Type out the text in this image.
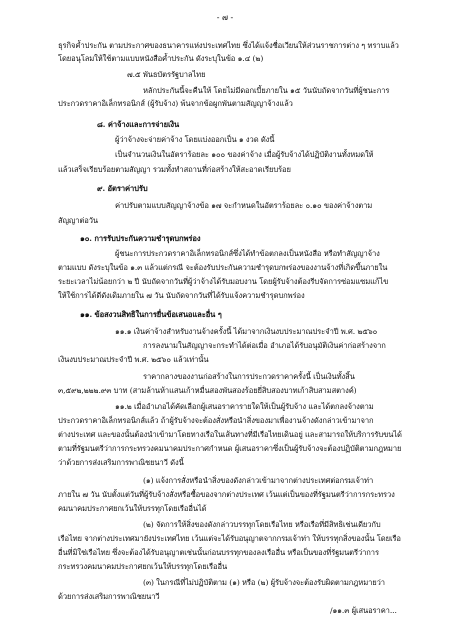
- ๗ -
ธุรกิจค้ำประกัน ตามประกาศของธนาคารแห่งประเทศไทย ซึ่งได้แจ้งชื่อเวียนให้ส่วนราชการต่าง ๆ ทราบแล้ว
โดยอนุโลมให้ใช้ตามแบบหนังสือค้ำประกัน ดังระบุในข้อ ๑.๔ (๒)
๗.๕ พันธบัตรรัฐบาลไทย
หลักประกันนี้จะคืนให้ โดยไม่มีดอกเบี้ยภายใน ๑๕ วันนับถัดจากวันที่ผู้ชนะการ
ประกวดราคาอิเล็กทรอนิกส์ (ผู้รับจ้าง) พ้นจากข้อผูกพันตามสัญญาจ้างแล้ว
๘. ค่าจ้างและการจ่ายเงิน
ผู้ว่าจ้างจะจ่ายค่าจ้าง โดยแบ่งออกเป็น ๑ งวด ดังนี้
เป็นจำนวนเงินในอัตราร้อยละ ๑๐๐ ของค่าจ้าง เมื่อผู้รับจ้างได้ปฏิบัติงานทั้งหมดให้
แล้วเสร็จเรียบร้อยตามสัญญา รวมทั้งทำสถานที่ก่อสร้างให้สะอาดเรียบร้อย
๙. อัตราค่าปรับ
ค่าปรับตามแบบสัญญาจ้างข้อ ๑๗ จะกำหนดในอัตราร้อยละ ๐.๑๐ ของค่าจ้างตาม
สัญญาต่อวัน
๑๐. การรับประกันความชำรุดบกพร่อง
ผู้ชนะการประกวดราคาอิเล็กทรอนิกส์ซึ่งได้ทำข้อตกลงเป็นหนังสือ หรือทำสัญญาจ้าง
ตามแบบ ดังระบุในข้อ ๑.๓ แล้วแต่กรณี จะต้องรับประกันความชำรุดบกพร่องของงานจ้างที่เกิดขึ้นภายใน
ระยะเวลาไม่น้อยกว่า ๒ ปี นับถัดจากวันที่ผู้ว่าจ้างได้รับมอบงาน โดยผู้รับจ้างต้องรีบจัดการซ่อมแซมแก้ไข
ให้ใช้การได้ดีดังเดิมภายใน ๗ วัน นับถัดจากวันที่ได้รับแจ้งความชำรุดบกพร่อง
๑๑. ข้อสงวนสิทธิในการยื่นข้อเสนอและอื่น ๆ
๑๑.๑ เงินค่าจ้างสำหรับงานจ้างครั้งนี้ ได้มาจากเงินงบประมาณประจำปี พ.ศ. ๒๕๖๐
การลงนามในสัญญาจะกระทำได้ต่อเมื่อ อำเภอได้รับอนุมัติเงินค่าก่อสร้างจาก
เงินงบประมาณประจำปี พ.ศ. ๒๕๖๐ แล้วเท่านั้น
ราคากลางของงานก่อสร้างในการประกวดราคาครั้งนี้ เป็นเงินทั้งสิ้น
๓,๕๙๒,๒๒๒.๙๓ บาท (สามล้านห้าแสนเก้าหมื่นสองพันสองร้อยยี่สิบสองบาทเก้าสิบสามสตางค์)
๑๑.๒ เมื่ออำเภอได้คัดเลือกผู้เสนอราคารายใดให้เป็นผู้รับจ้าง และได้ตกลงจ้างตาม
ประกวดราคาอิเล็กทรอนิกส์แล้ว ถ้าผู้รับจ้างจะต้องสั่งหรือนำสิ่งของมาเพื่องานจ้างดังกล่าวเข้ามาจาก
ต่างประเทศ และของนั้นต้องนำเข้ามาโดยทางเรือในเส้นทางที่มีเรือไทยเดินอยู่ และสามารถให้บริการรับขนได้
ตามที่รัฐมนตรีว่าการกระทรวงคมนาคมประกาศกำหนด ผู้เสนอราคาซึ่งเป็นผู้รับจ้างจะต้องปฏิบัติตามกฎหมาย
ว่าด้วยการส่งเสริมการพาณิชยนาวี ดังนี้
(๑) แจ้งการสั่งหรือนำสิ่งของดังกล่าวเข้ามาจากต่างประเทศต่อกรมเจ้าท่า
ภายใน ๗ วัน นับตั้งแต่วันที่ผู้รับจ้างสั่งหรือซื้อของจากต่างประเทศ เว้นแต่เป็นของที่รัฐมนตรีว่าการกระทรวง
คมนาคมประกาศยกเว้นให้บรรทุกโดยเรืออื่นได้
(๒) จัดการให้สิ่งของดังกล่าวบรรทุกโดยเรือไทย หรือเรือที่มีสิทธิเช่นเดียวกับ
เรือไทย จากต่างประเทศมายังประเทศไทย เว้นแต่จะได้รับอนุญาตจากกรมเจ้าท่า ให้บรรทุกสิ่งของนั้น โดยเรือ
อื่นที่มิใช่เรือไทย ซึ่งจะต้องได้รับอนุญาตเช่นนั้นก่อนบรรทุกของลงเรืออื่น หรือเป็นของที่รัฐมนตรีว่าการ
กระทรวงคมนาคมประกาศยกเว้นให้บรรทุกโดยเรืออื่น
(๓) ในกรณีที่ไม่ปฏิบัติตาม (๑) หรือ (๒) ผู้รับจ้างจะต้องรับผิดตามกฎหมายว่า
ด้วยการส่งเสริมการพาณิชยนาวี
/๑๑.๓ ผู้เสนอราคา...
